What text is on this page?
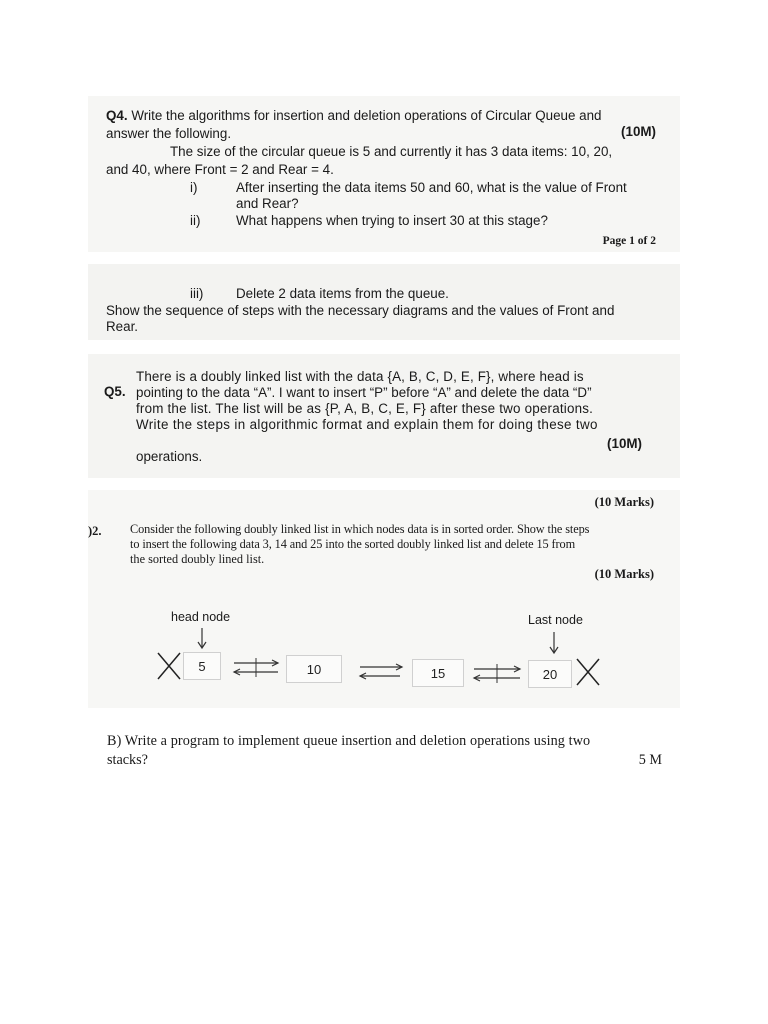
Q4. Write the algorithms for insertion and deletion operations of Circular Queue and
answer the following.	(10M)
The size of the circular queue is 5 and currently it has 3 data items: 10, 20,
and 40, where Front = 2 and Rear = 4.
i)	After inserting the data items 50 and 60, what is the value of Front
and Rear?
ii)	What happens when trying to insert 30 at this stage?
Page 1 of 2
iii) Delete 2 data items from the queue.
Show the sequence of steps with the necessary diagrams and the values of Front and
Rear.
Q5.
There is a doubly linked list with the data {A, B, C, D, E, F}, where head is
pointing to the data “A”. I want to insert “P” before “A” and delete the data “D”
from the list. The list will be as {P, A, B, C, E, F} after these two operations.
Write the steps in algorithmic format and explain them for doing these two
operations.
(10M)
(10 Marks)
)2. Consider the following doubly linked list in which nodes data is in sorted order. Show the steps
to insert the following data 3, 14 and 25 into the sorted doubly linked list and delete 15 from
the sorted doubly lined list.
(10 Marks)
head node	Last node
5	10	15	20
B) Write a program to implement queue insertion and deletion operations using two
stacks?	5 M
